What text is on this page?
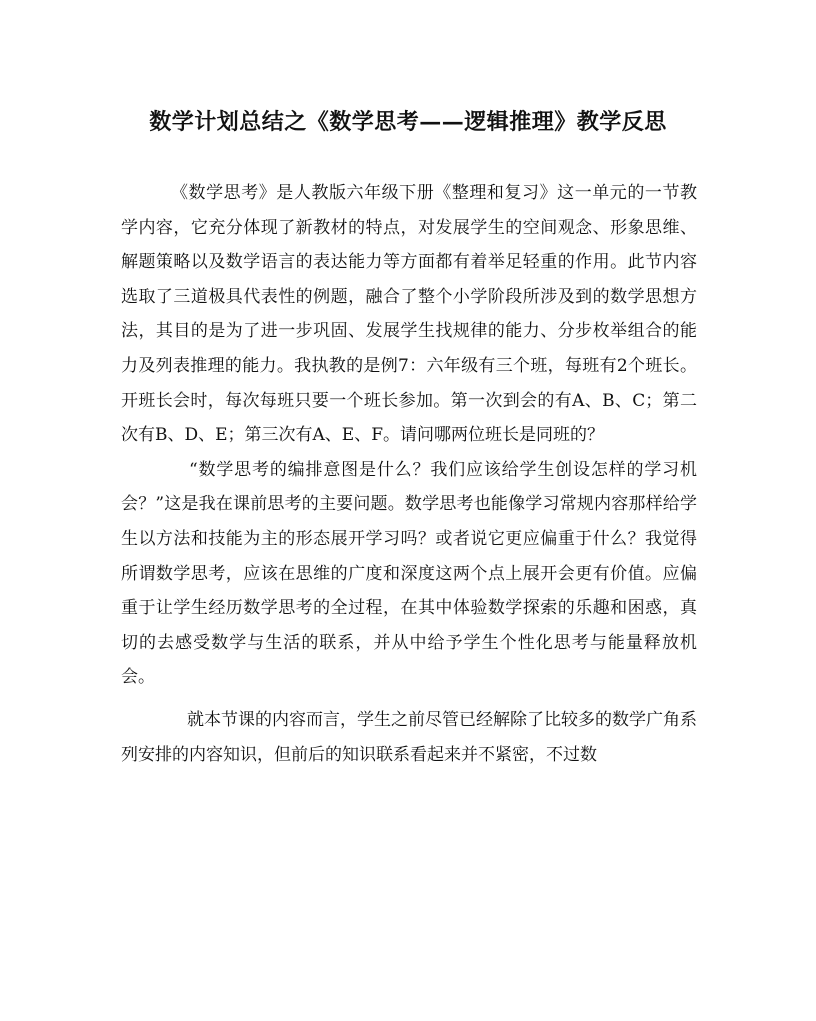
数学计划总结之《数学思考——逻辑推理》教学反思

《数学思考》是人教版六年级下册《整理和复习》这一单元的一节教学内容，它充分体现了新教材的特点，对发展学生的空间观念、形象思维、解题策略以及数学语言的表达能力等方面都有着举足轻重的作用。此节内容选取了三道极具代表性的例题，融合了整个小学阶段所涉及到的数学思想方法，其目的是为了进一步巩固、发展学生找规律的能力、分步枚举组合的能力及列表推理的能力。我执教的是例7：六年级有三个班，每班有2个班长。开班长会时，每次每班只要一个班长参加。第一次到会的有A、B、C；第二次有B、D、E；第三次有A、E、F。请问哪两位班长是同班的？

“数学思考的编排意图是什么？我们应该给学生创设怎样的学习机会？”这是我在课前思考的主要问题。数学思考也能像学习常规内容那样给学生以方法和技能为主的形态展开学习吗？或者说它更应偏重于什么？我觉得所谓数学思考，应该在思维的广度和深度这两个点上展开会更有价值。应偏重于让学生经历数学思考的全过程，在其中体验数学探索的乐趣和困惑，真切的去感受数学与生活的联系，并从中给予学生个性化思考与能量释放机会。

就本节课的内容而言，学生之前尽管已经解除了比较多的数学广角系列安排的内容知识，但前后的知识联系看起来并不紧密，不过数
